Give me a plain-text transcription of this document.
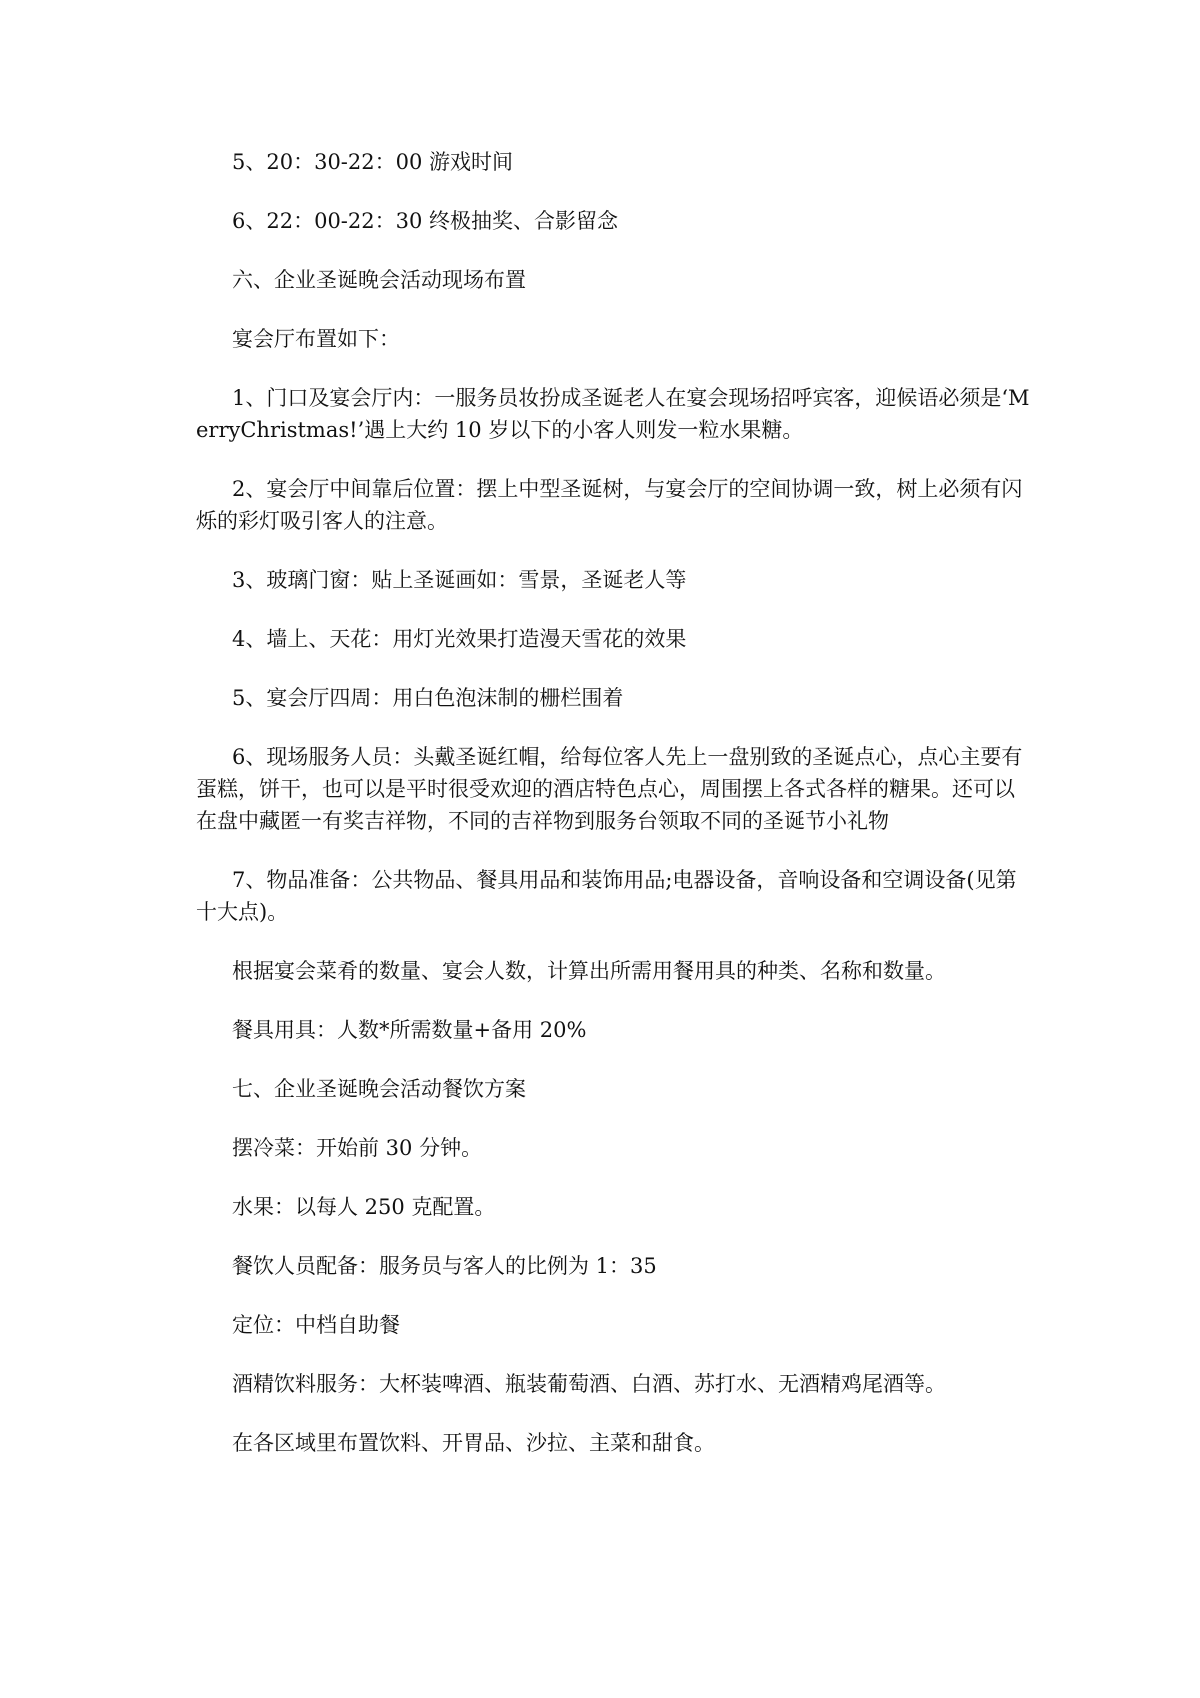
5、20：30-22：00 游戏时间

6、22：00-22：30 终极抽奖、合影留念

六、企业圣诞晚会活动现场布置

宴会厅布置如下：

1、门口及宴会厅内：一服务员妆扮成圣诞老人在宴会现场招呼宾客，迎候语必须是‘MerryChristmas!’遇上大约 10 岁以下的小客人则发一粒水果糖。

2、宴会厅中间靠后位置：摆上中型圣诞树，与宴会厅的空间协调一致，树上必须有闪烁的彩灯吸引客人的注意。

3、玻璃门窗：贴上圣诞画如：雪景，圣诞老人等

4、墙上、天花：用灯光效果打造漫天雪花的效果

5、宴会厅四周：用白色泡沫制的栅栏围着

6、现场服务人员：头戴圣诞红帽，给每位客人先上一盘别致的圣诞点心，点心主要有蛋糕，饼干，也可以是平时很受欢迎的酒店特色点心，周围摆上各式各样的糖果。还可以在盘中藏匿一有奖吉祥物，不同的吉祥物到服务台领取不同的圣诞节小礼物

7、物品准备：公共物品、餐具用品和装饰用品;电器设备，音响设备和空调设备(见第十大点)。

根据宴会菜肴的数量、宴会人数，计算出所需用餐用具的种类、名称和数量。

餐具用具：人数*所需数量+备用 20%

七、企业圣诞晚会活动餐饮方案

摆冷菜：开始前 30 分钟。

水果：以每人 250 克配置。

餐饮人员配备：服务员与客人的比例为 1：35

定位：中档自助餐

酒精饮料服务：大杯装啤酒、瓶装葡萄酒、白酒、苏打水、无酒精鸡尾酒等。

在各区域里布置饮料、开胃品、沙拉、主菜和甜食。
